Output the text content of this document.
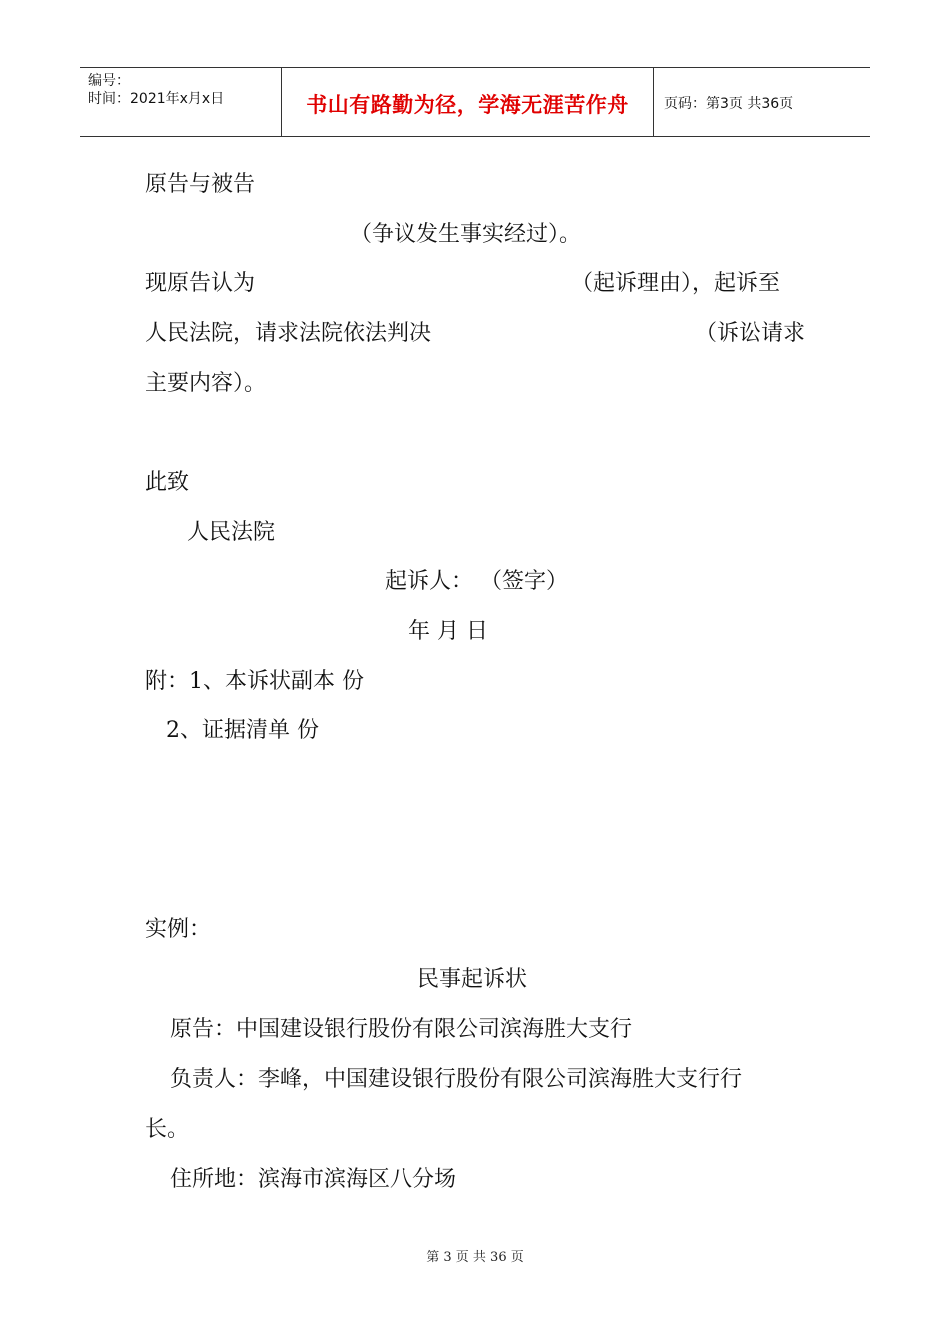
编号：
时间：2021年x月x日	书山有路勤为径，学海无涯苦作舟	页码：第3页 共36页
原告与被告
（争议发生事实经过）。
现原告认为	（起诉理由），起诉至
人民法院，请求法院依法判决	（诉讼请求
主要内容）。
此致
人民法院
起诉人： （签字）
年 月 日
附：1、本诉状副本 份
2、证据清单 份
实例：
民事起诉状
原告：中国建设银行股份有限公司滨海胜大支行
负责人：李峰，中国建设银行股份有限公司滨海胜大支行行
长。
住所地：滨海市滨海区八分场
第 3 页 共 36 页
